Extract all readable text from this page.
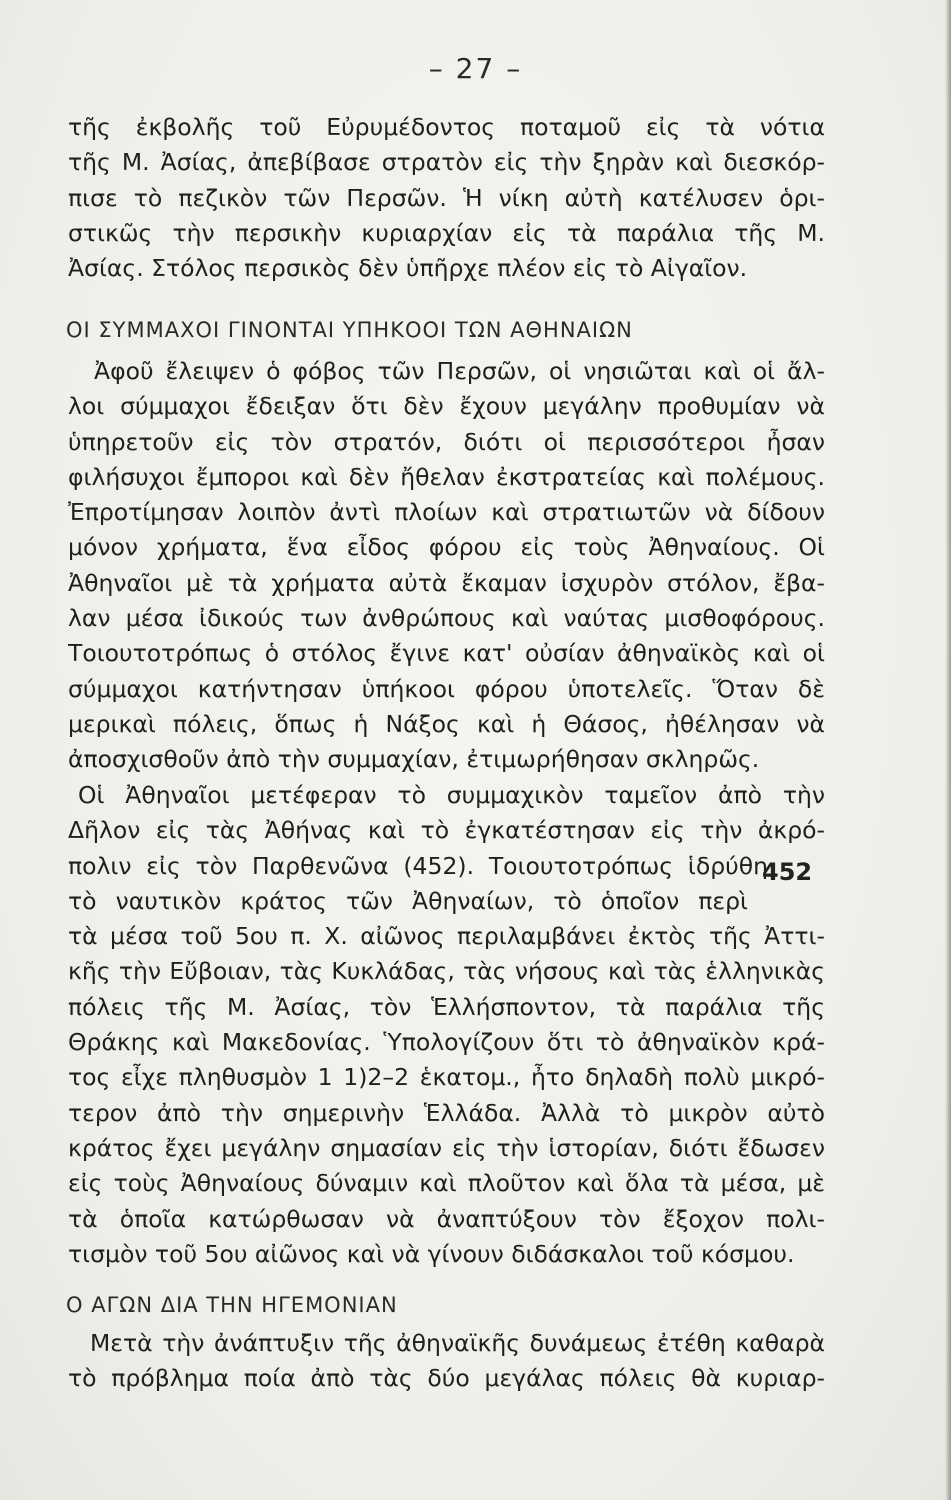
– 27 –
τῆς ἐκβολῆς τοῦ Εὐρυμέδοντος ποταμοῦ εἰς τὰ νότια
τῆς Μ. Ἀσίας, ἀπεβίβασε στρατὸν εἰς τὴν ξηρὰν καὶ διεσκόρ-
πισε τὸ πεζικὸν τῶν Περσῶν. Ἡ νίκη αὐτὴ κατέλυσεν ὁρι-
στικῶς τὴν περσικὴν κυριαρχίαν εἰς τὰ παράλια τῆς Μ.
Ἀσίας. Στόλος περσικὸς δὲν ὑπῆρχε πλέον εἰς τὸ Αἰγαῖον.
ΟΙ ΣΥΜΜΑΧΟΙ ΓΙΝΟΝΤΑΙ ΥΠΗΚΟΟΙ ΤΩΝ ΑΘΗΝΑΙΩΝ
Ἀφοῦ ἔλειψεν ὁ φόβος τῶν Περσῶν, οἱ νησιῶται καὶ οἱ ἄλ-
λοι σύμμαχοι ἔδειξαν ὅτι δὲν ἔχουν μεγάλην προθυμίαν νὰ
ὑπηρετοῦν εἰς τὸν στρατόν, διότι οἱ περισσότεροι ἦσαν
φιλήσυχοι ἔμποροι καὶ δὲν ἤθελαν ἐκστρατείας καὶ πολέμους.
Ἐπροτίμησαν λοιπὸν ἀντὶ πλοίων καὶ στρατιωτῶν νὰ δίδουν
μόνον χρήματα, ἕνα εἶδος φόρου εἰς τοὺς Ἀθηναίους. Οἱ
Ἀθηναῖοι μὲ τὰ χρήματα αὐτὰ ἔκαμαν ἰσχυρὸν στόλον, ἔβα-
λαν μέσα ἰδικούς των ἀνθρώπους καὶ ναύτας μισθοφόρους.
Τοιουτοτρόπως ὁ στόλος ἔγινε κατ' οὐσίαν ἀθηναϊκὸς καὶ οἱ
σύμμαχοι κατήντησαν ὑπήκοοι φόρου ὑποτελεῖς. Ὅταν δὲ
μερικαὶ πόλεις, ὅπως ἡ Νάξος καὶ ἡ Θάσος, ἠθέλησαν νὰ
ἀποσχισθοῦν ἀπὸ τὴν συμμαχίαν, ἐτιμωρήθησαν σκληρῶς.
Οἱ Ἀθηναῖοι μετέφεραν τὸ συμμαχικὸν ταμεῖον ἀπὸ τὴν
Δῆλον εἰς τὰς Ἀθήνας καὶ τὸ ἐγκατέστησαν εἰς τὴν ἀκρό-
πολιν εἰς τὸν Παρθενῶνα (452). Τοιουτοτρόπως ἱδρύθη
τὸ ναυτικὸν κράτος τῶν Ἀθηναίων, τὸ ὁποῖον περὶ
τὰ μέσα τοῦ 5ου π. Χ. αἰῶνος περιλαμβάνει ἐκτὸς τῆς Ἀττι-
κῆς τὴν Εὔβοιαν, τὰς Κυκλάδας, τὰς νήσους καὶ τὰς ἑλληνικὰς
πόλεις τῆς Μ. Ἀσίας, τὸν Ἑλλήσποντον, τὰ παράλια τῆς
Θράκης καὶ Μακεδονίας. Ὑπολογίζουν ὅτι τὸ ἀθηναϊκὸν κρά-
τος εἶχε πληθυσμὸν 1 1)2–2 ἑκατομ., ἦτο δηλαδὴ πολὺ μικρό-
τερον ἀπὸ τὴν σημερινὴν Ἑλλάδα. Ἀλλὰ τὸ μικρὸν αὐτὸ
κράτος ἔχει μεγάλην σημασίαν εἰς τὴν ἱστορίαν, διότι ἔδωσεν
εἰς τοὺς Ἀθηναίους δύναμιν καὶ πλοῦτον καὶ ὅλα τὰ μέσα, μὲ
τὰ ὁποῖα κατώρθωσαν νὰ ἀναπτύξουν τὸν ἔξοχον πολι-
τισμὸν τοῦ 5ου αἰῶνος καὶ νὰ γίνουν διδάσκαλοι τοῦ κόσμου.
452
Ο ΑΓΩΝ ΔΙΑ ΤΗΝ ΗΓΕΜΟΝΙΑΝ
Μετὰ τὴν ἀνάπτυξιν τῆς ἀθηναϊκῆς δυνάμεως ἐτέθη καθαρὰ
τὸ πρόβλημα ποία ἀπὸ τὰς δύο μεγάλας πόλεις θὰ κυριαρ-
